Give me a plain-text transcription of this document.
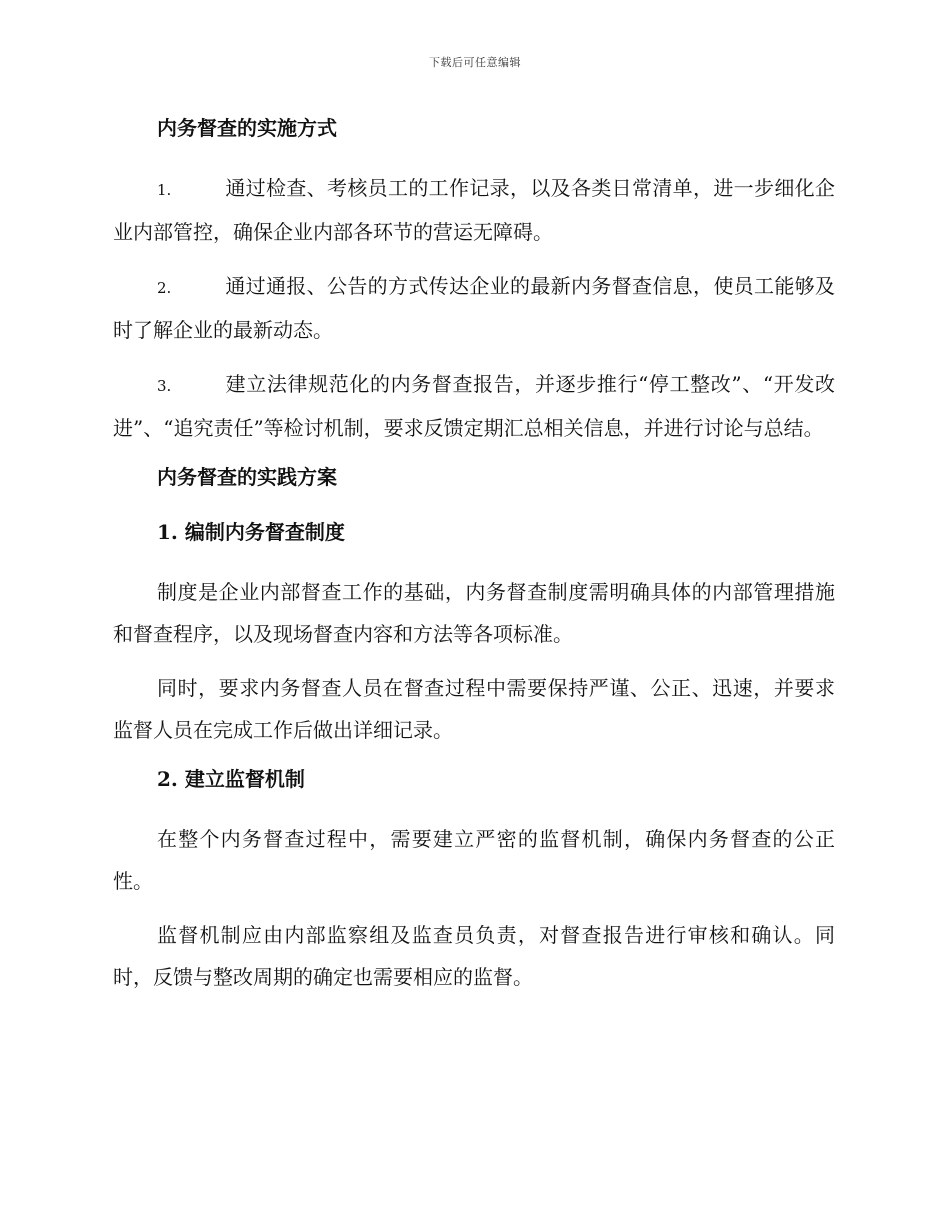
下载后可任意编辑
内务督查的实施方式

1.	通过检查、考核员工的工作记录，以及各类日常清单，进一步细化企业内部管控，确保企业内部各环节的营运无障碍。

2.	通过通报、公告的方式传达企业的最新内务督查信息，使员工能够及时了解企业的最新动态。

3.	建立法律规范化的内务督查报告，并逐步推行“停工整改”、“开发改进”、“追究责任”等检讨机制，要求反馈定期汇总相关信息，并进行讨论与总结。

内务督查的实践方案
1. 编制内务督查制度

制度是企业内部督查工作的基础，内务督查制度需明确具体的内部管理措施和督查程序，以及现场督查内容和方法等各项标准。

同时，要求内务督查人员在督查过程中需要保持严谨、公正、迅速，并要求监督人员在完成工作后做出详细记录。

2. 建立监督机制

在整个内务督查过程中，需要建立严密的监督机制，确保内务督查的公正性。

监督机制应由内部监察组及监查员负责，对督查报告进行审核和确认。同时，反馈与整改周期的确定也需要相应的监督。
